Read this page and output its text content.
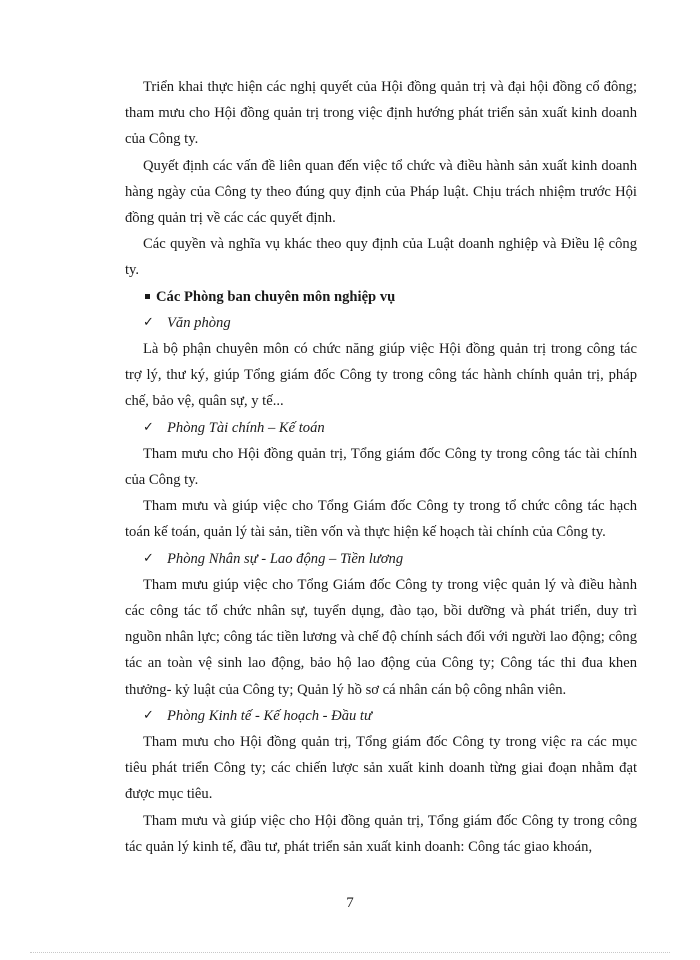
Triển khai thực hiện các nghị quyết của Hội đồng quản trị và đại hội đồng cổ đông; tham mưu cho Hội đồng quản trị trong việc định hướng phát triển sản xuất kinh doanh của Công ty.

Quyết định các vấn đề liên quan đến việc tổ chức và điều hành sản xuất kinh doanh hàng ngày của Công ty theo đúng quy định của Pháp luật. Chịu trách nhiệm trước Hội đồng quản trị về các các quyết định.

Các quyền và nghĩa vụ khác theo quy định của Luật doanh nghiệp và Điều lệ công ty.

Các Phòng ban chuyên môn nghiệp vụ

✓ Văn phòng

Là bộ phận chuyên môn có chức năng giúp việc Hội đồng quản trị trong công tác trợ lý, thư ký, giúp Tổng giám đốc Công ty trong công tác hành chính quản trị, pháp chế, bảo vệ, quân sự, y tế...

✓ Phòng Tài chính – Kế toán

Tham mưu cho Hội đồng quản trị, Tổng giám đốc Công ty trong công tác tài chính của Công ty.

Tham mưu và giúp việc cho Tổng Giám đốc Công ty trong tổ chức công tác hạch toán kế toán, quản lý tài sản, tiền vốn và thực hiện kế hoạch tài chính của Công ty.

✓ Phòng Nhân sự - Lao động – Tiền lương

Tham mưu giúp việc cho Tổng Giám đốc Công ty trong việc quản lý và điều hành các công tác tổ chức nhân sự, tuyển dụng, đào tạo, bồi dưỡng và phát triển, duy trì nguồn nhân lực; công tác tiền lương và chế độ chính sách đối với người lao động; công tác an toàn vệ sinh lao động, bảo hộ lao động của Công ty; Công tác thi đua khen thưởng- kỷ luật của Công ty; Quản lý hồ sơ cá nhân cán bộ công nhân viên.

✓ Phòng Kinh tế - Kế hoạch - Đầu tư

Tham mưu cho Hội đồng quản trị, Tổng giám đốc Công ty trong việc ra các mục tiêu phát triển Công ty; các chiến lược sản xuất kinh doanh từng giai đoạn nhằm đạt được mục tiêu.

Tham mưu và giúp việc cho Hội đồng quản trị, Tổng giám đốc Công ty trong công tác quản lý kinh tế, đầu tư, phát triển sản xuất kinh doanh: Công tác giao khoán,

7
